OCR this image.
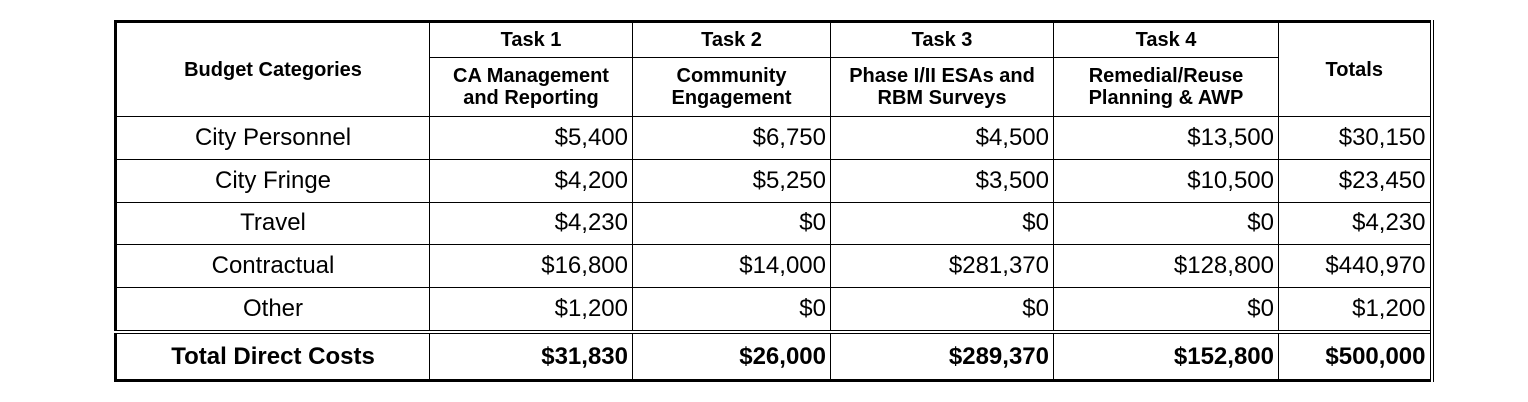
Budget Categories	Task 1	Task 2	Task 3	Task 4	Totals
	CA Management and Reporting	Community Engagement	Phase I/II ESAs and RBM Surveys	Remedial/Reuse Planning & AWP	
City Personnel	$5,400	$6,750	$4,500	$13,500	$30,150
City Fringe	$4,200	$5,250	$3,500	$10,500	$23,450
Travel	$4,230	$0	$0	$0	$4,230
Contractual	$16,800	$14,000	$281,370	$128,800	$440,970
Other	$1,200	$0	$0	$0	$1,200
Total Direct Costs	$31,830	$26,000	$289,370	$152,800	$500,000
